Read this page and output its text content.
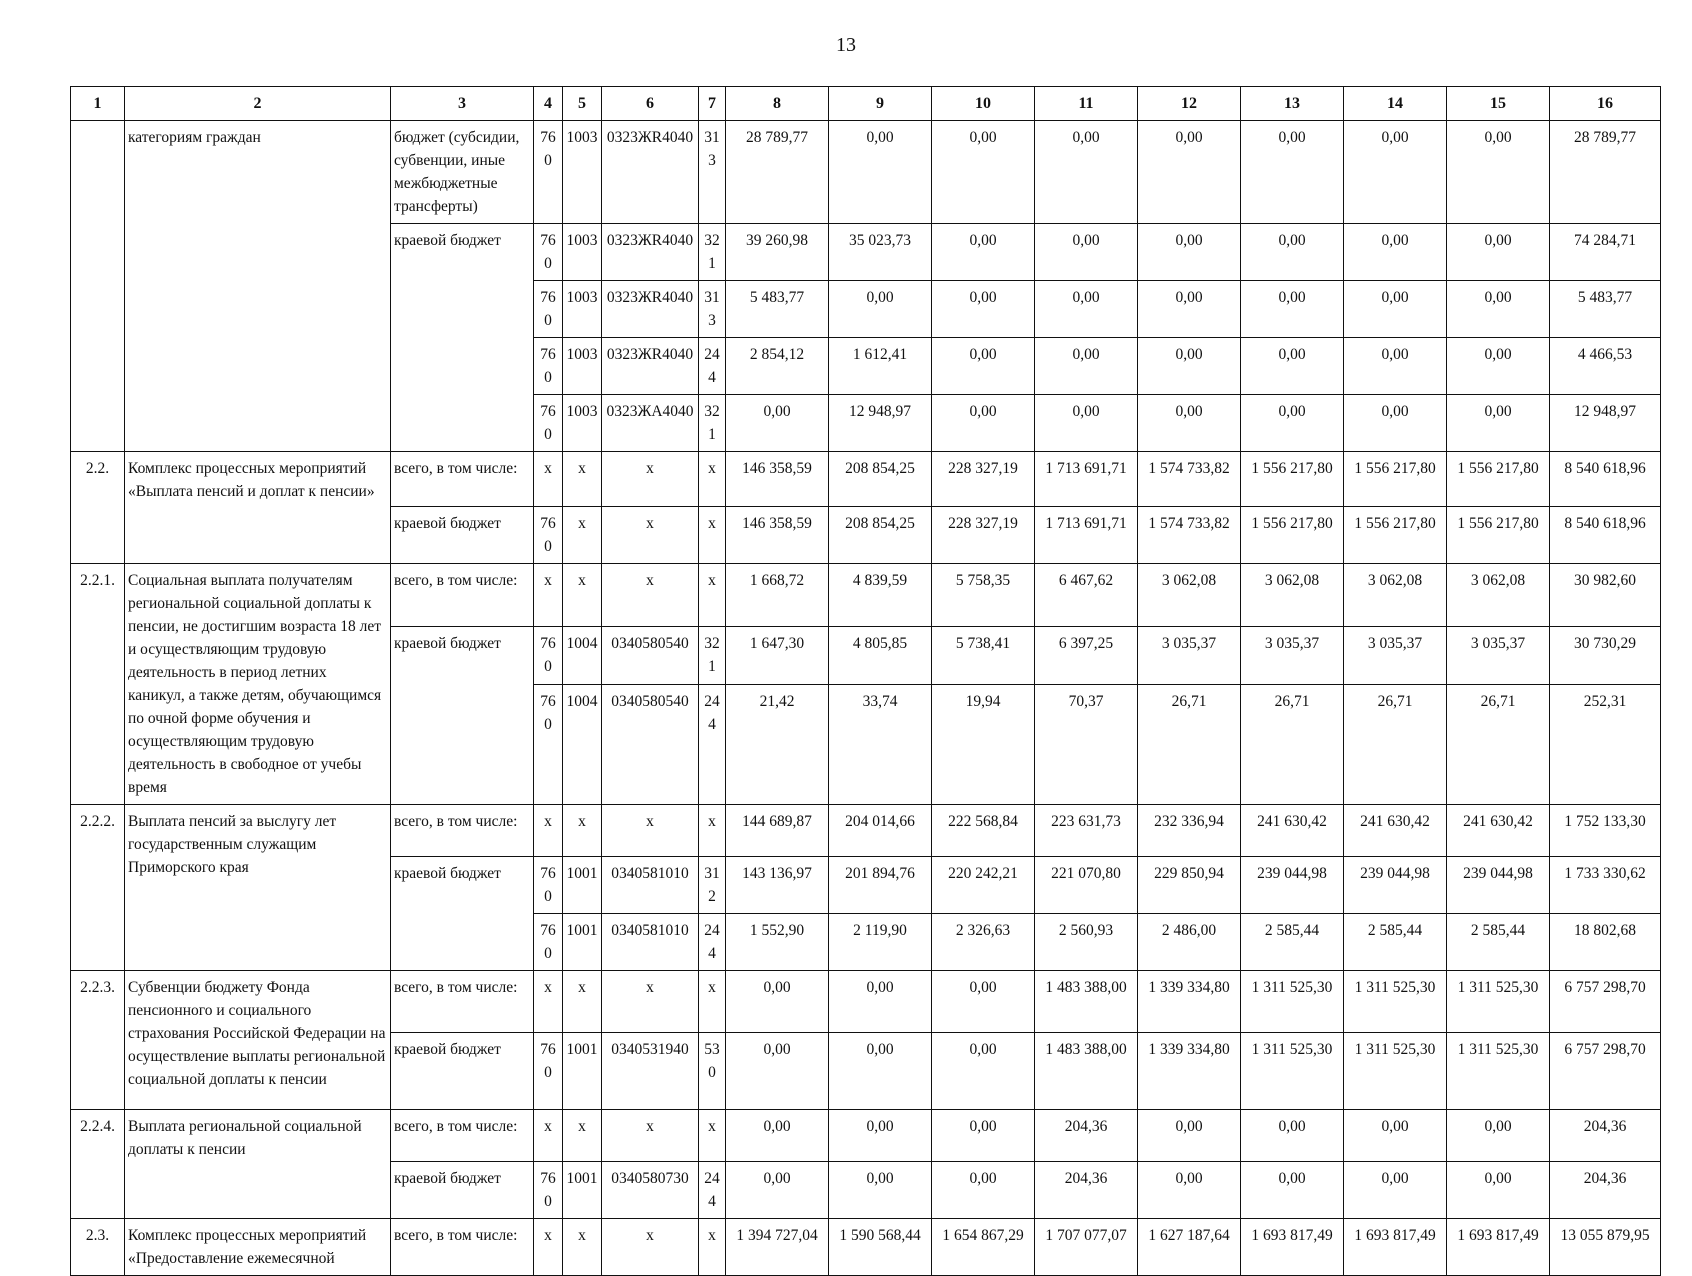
13
1	2	3	4	5	6	7	8	9	10	11	12	13	14	15	16
	категориям граждан	бюджет (субсидии, субвенции, иные межбюджетные трансферты)	760	1003	0323ЖR4040	313	28 789,77	0,00	0,00	0,00	0,00	0,00	0,00	0,00	28 789,77
		краевой бюджет	760	1003	0323ЖR4040	321	39 260,98	35 023,73	0,00	0,00	0,00	0,00	0,00	0,00	74 284,71
			760	1003	0323ЖR4040	313	5 483,77	0,00	0,00	0,00	0,00	0,00	0,00	0,00	5 483,77
			760	1003	0323ЖR4040	244	2 854,12	1 612,41	0,00	0,00	0,00	0,00	0,00	0,00	4 466,53
			760	1003	0323ЖА4040	321	0,00	12 948,97	0,00	0,00	0,00	0,00	0,00	0,00	12 948,97
2.2.	Комплекс процессных мероприятий «Выплата пенсий и доплат к пенсии»	всего, в том числе:	x	x	x	x	146 358,59	208 854,25	228 327,19	1 713 691,71	1 574 733,82	1 556 217,80	1 556 217,80	1 556 217,80	8 540 618,96
		краевой бюджет	760	x	x	x	146 358,59	208 854,25	228 327,19	1 713 691,71	1 574 733,82	1 556 217,80	1 556 217,80	1 556 217,80	8 540 618,96
2.2.1.	Социальная выплата получателям региональной социальной доплаты к пенсии, не достигшим возраста 18 лет и осуществляющим трудовую деятельность в период летних каникул, а также детям, обучающимся по очной форме обучения и осуществляющим трудовую деятельность в свободное от учебы время	всего, в том числе:	x	x	x	x	1 668,72	4 839,59	5 758,35	6 467,62	3 062,08	3 062,08	3 062,08	3 062,08	30 982,60
		краевой бюджет	760	1004	0340580540	321	1 647,30	4 805,85	5 738,41	6 397,25	3 035,37	3 035,37	3 035,37	3 035,37	30 730,29
			760	1004	0340580540	244	21,42	33,74	19,94	70,37	26,71	26,71	26,71	26,71	252,31
2.2.2.	Выплата пенсий за выслугу лет государственным служащим Приморского края	всего, в том числе:	x	x	x	x	144 689,87	204 014,66	222 568,84	223 631,73	232 336,94	241 630,42	241 630,42	241 630,42	1 752 133,30
		краевой бюджет	760	1001	0340581010	312	143 136,97	201 894,76	220 242,21	221 070,80	229 850,94	239 044,98	239 044,98	239 044,98	1 733 330,62
			760	1001	0340581010	244	1 552,90	2 119,90	2 326,63	2 560,93	2 486,00	2 585,44	2 585,44	2 585,44	18 802,68
2.2.3.	Субвенции бюджету Фонда пенсионного и социального страхования Российской Федерации на осуществление выплаты региональной социальной доплаты к пенсии	всего, в том числе:	x	x	x	x	0,00	0,00	0,00	1 483 388,00	1 339 334,80	1 311 525,30	1 311 525,30	1 311 525,30	6 757 298,70
		краевой бюджет	760	1001	0340531940	530	0,00	0,00	0,00	1 483 388,00	1 339 334,80	1 311 525,30	1 311 525,30	1 311 525,30	6 757 298,70
2.2.4.	Выплата региональной социальной доплаты к пенсии	всего, в том числе:	x	x	x	x	0,00	0,00	0,00	204,36	0,00	0,00	0,00	0,00	204,36
		краевой бюджет	760	1001	0340580730	244	0,00	0,00	0,00	204,36	0,00	0,00	0,00	0,00	204,36
2.3.	Комплекс процессных мероприятий «Предоставление ежемесячной	всего, в том числе:	x	x	x	x	1 394 727,04	1 590 568,44	1 654 867,29	1 707 077,07	1 627 187,64	1 693 817,49	1 693 817,49	1 693 817,49	13 055 879,95
